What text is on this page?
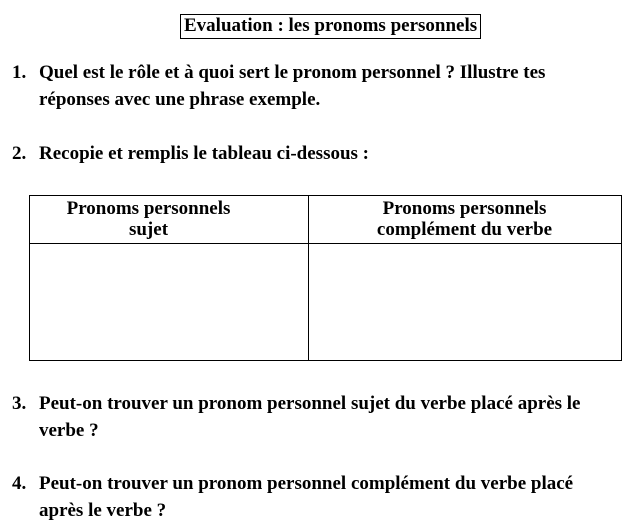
Evaluation : les pronoms personnels
1. Quel est le rôle et à quoi sert le pronom personnel ? Illustre tes
réponses avec une phrase exemple.
2. Recopie et remplis le tableau ci-dessous :
Pronoms personnels
sujet
Pronoms personnels
complément du verbe
3. Peut-on trouver un pronom personnel sujet du verbe placé après le
verbe ?
4. Peut-on trouver un pronom personnel complément du verbe placé
après le verbe ?
